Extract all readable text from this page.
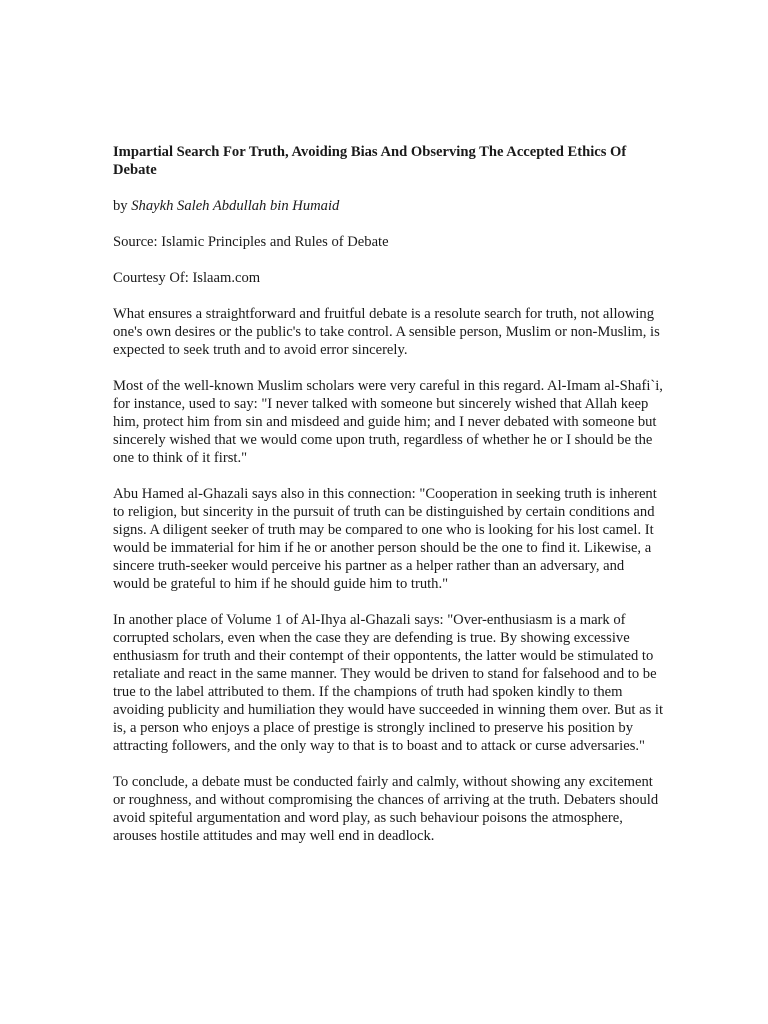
Impartial Search For Truth, Avoiding Bias And Observing The Accepted Ethics Of Debate
by Shaykh Saleh Abdullah bin Humaid
Source: Islamic Principles and Rules of Debate
Courtesy Of: Islaam.com

What ensures a straightforward and fruitful debate is a resolute search for truth, not allowing one's own desires or the public's to take control. A sensible person, Muslim or non-Muslim, is expected to seek truth and to avoid error sincerely.

Most of the well-known Muslim scholars were very careful in this regard. Al-Imam al-Shafi`i, for instance, used to say: "I never talked with someone but sincerely wished that Allah keep him, protect him from sin and misdeed and guide him; and I never debated with someone but sincerely wished that we would come upon truth, regardless of whether he or I should be the one to think of it first."

Abu Hamed al-Ghazali says also in this connection: "Cooperation in seeking truth is inherent to religion, but sincerity in the pursuit of truth can be distinguished by certain conditions and signs. A diligent seeker of truth may be compared to one who is looking for his lost camel. It would be immaterial for him if he or another person should be the one to find it. Likewise, a sincere truth-seeker would perceive his partner as a helper rather than an adversary, and would be grateful to him if he should guide him to truth."

In another place of Volume 1 of Al-Ihya al-Ghazali says: "Over-enthusiasm is a mark of corrupted scholars, even when the case they are defending is true. By showing excessive enthusiasm for truth and their contempt of their oppontents, the latter would be stimulated to retaliate and react in the same manner. They would be driven to stand for falsehood and to be true to the label attributed to them. If the champions of truth had spoken kindly to them avoiding publicity and humiliation they would have succeeded in winning them over. But as it is, a person who enjoys a place of prestige is strongly inclined to preserve his position by attracting followers, and the only way to that is to boast and to attack or curse adversaries."

To conclude, a debate must be conducted fairly and calmly, without showing any excitement or roughness, and without compromising the chances of arriving at the truth. Debaters should avoid spiteful argumentation and word play, as such behaviour poisons the atmosphere, arouses hostile attitudes and may well end in deadlock.
